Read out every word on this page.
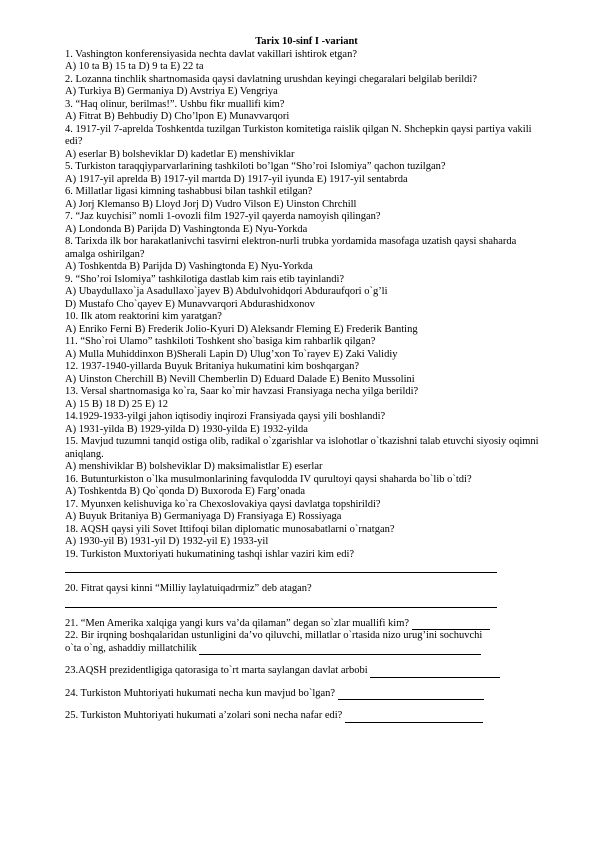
Tarix 10-sinf I -variant
1. Vashington konferensiyasida nechta davlat vakillari ishtirok etgan?
A) 10 ta B) 15 ta D) 9 ta E) 22 ta
2. Lozanna tinchlik shartnomasida qaysi davlatning urushdan keyingi chegaralari belgilab berildi?
A) Turkiya B) Germaniya D) Avstriya E) Vengriya
3. “Haq olinur, berilmas!”. Ushbu fikr muallifi kim?
A) Fitrat B) Behbudiy D) Cho’lpon E) Munavvarqori
4. 1917-yil 7-aprelda Toshkentda tuzilgan Turkiston komitetiga raislik qilgan N. Shchepkin qaysi partiya vakili edi?
A) eserlar B) bolsheviklar D) kadetlar E) menshiviklar
5. Turkiston taraqqiyparvarlarining tashkiloti bo’lgan “Sho’roi Islomiya” qachon tuzilgan?
A) 1917-yil aprelda B) 1917-yil martda D) 1917-yil iyunda E) 1917-yil sentabrda
6. Millatlar ligasi kimning tashabbusi bilan tashkil etilgan?
A) Jorj Klemanso B) Lloyd Jorj D) Vudro Vilson E) Uinston Chrchill
7. “Jaz kuychisi” nomli 1-ovozli film 1927-yil qayerda namoyish qilingan?
A) Londonda B) Parijda D) Vashingtonda E) Nyu-Yorkda
8. Tarixda ilk bor harakatlanivchi tasvirni elektron-nurli trubka yordamida masofaga uzatish qaysi shaharda amalga oshirilgan?
A) Toshkentda B) Parijda D) Vashingtonda E) Nyu-Yorkda
9. “Sho’roi Islomiya” tashkilotiga dastlab kim rais etib tayinlandi?
A) Ubaydullaxo`ja Asadullaxo`jayev B) Abdulvohidqori Abduraufqori o`g’li
D) Mustafo Cho`qayev E) Munavvarqori Abdurashidxonov
10. Ilk atom reaktorini kim yaratgan?
A) Enriko Ferni B) Frederik Jolio-Kyuri D) Aleksandr Fleming E) Frederik Banting
11. “Sho`roi Ulamo” tashkiloti Toshkent sho`basiga kim rahbarlik qilgan?
A) Mulla Muhiddinxon B)Sherali Lapin D) Ulug’xon To`rayev E) Zaki Validiy
12. 1937-1940-yillarda Buyuk Britaniya hukumatini kim boshqargan?
A) Uinston Cherchill B) Nevill Chemberlin D) Eduard Dalade E) Benito Mussolini
13. Versal shartnomasiga ko`ra, Saar ko`mir havzasi Fransiyaga necha yilga berildi?
A) 15 B) 18 D) 25 E) 12
14.1929-1933-yilgi jahon iqtisodiy inqirozi Fransiyada qaysi yili boshlandi?
A) 1931-yilda B) 1929-yilda D) 1930-yilda E) 1932-yilda
15. Mavjud tuzumni tanqid ostiga olib, radikal o`zgarishlar va islohotlar o`tkazishni talab etuvchi siyosiy oqimni aniqlang.
A) menshiviklar B) bolsheviklar D) maksimalistlar E) eserlar
16. Butunturkiston o`lka musulmonlarining favqulodda IV qurultoyi qaysi shaharda bo`lib o`tdi?
A) Toshkentda B) Qo`qonda D) Buxoroda E) Farg’onada
17. Myunxen kelishuviga ko`ra Chexoslovakiya qaysi davlatga topshirildi?
A) Buyuk Britaniya B) Germaniyaga D) Fransiyaga E) Rossiyaga
18. AQSH qaysi yili Sovet Ittifoqi bilan diplomatic munosabatlarni o`rnatgan?
A) 1930-yil B) 1931-yil D) 1932-yil E) 1933-yil
19. Turkiston Muxtoriyati hukumatining tashqi ishlar vaziri kim edi?
20. Fitrat qaysi kinni “Milliy laylatuiqadrmiz” deb atagan?
21. “Men Amerika xalqiga yangi kurs va’da qilaman” degan so`zlar muallifi kim?
22. Bir irqning boshqalaridan ustunligini da’vo qiluvchi, millatlar o`rtasida nizo urug’ini sochuvchi
o`ta o`ng, ashaddiy millatchilik
23.AQSH prezidentligiga qatorasiga to`rt marta saylangan davlat arbobi
24. Turkiston Muhtoriyati hukumati necha kun mavjud bo`lgan?
25. Turkiston Muhtoriyati hukumati a’zolari soni necha nafar edi?
